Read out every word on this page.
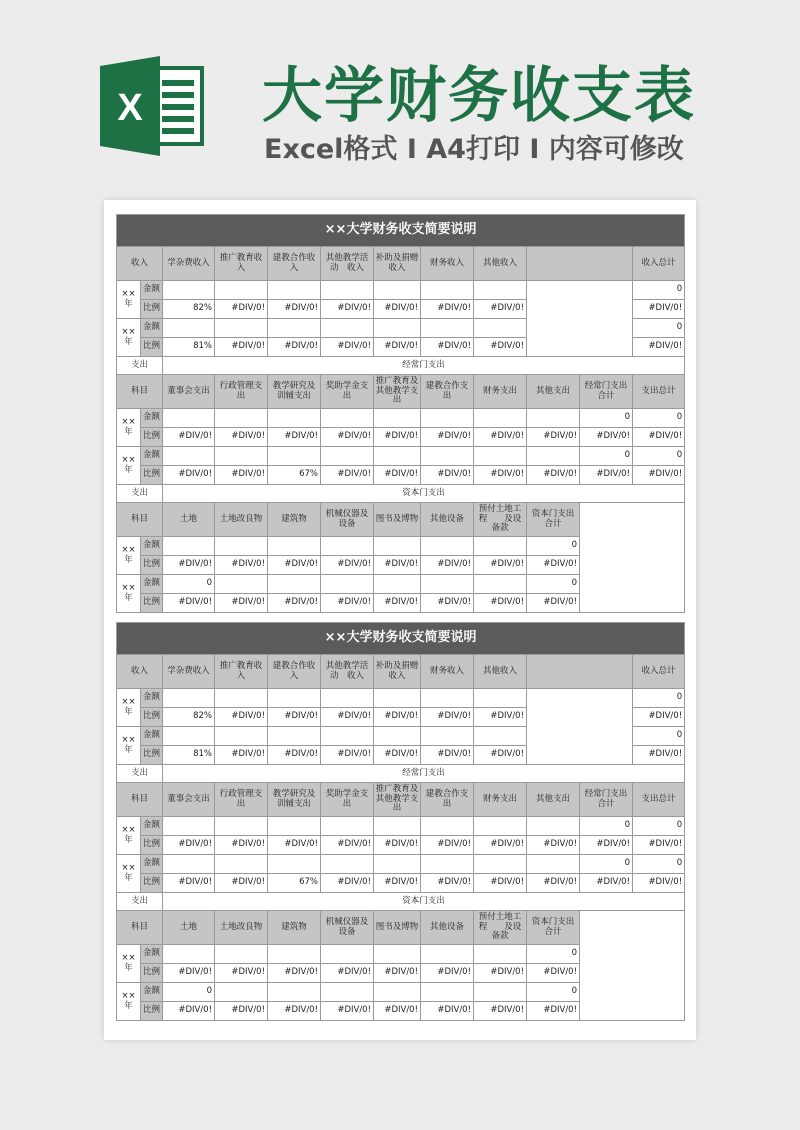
X 大学财务收支表
Excel格式 I A4打印 I 内容可修改
××大学财务收支简要说明											
收入		学杂费收入	推广教育收入	建教合作收入	其他教学活动　收入	补助及捐赠收入	财务收入	其他收入			收入总计
××年	金额										0
	比例	82%	#DIV/0!	#DIV/0!	#DIV/0!	#DIV/0!	#DIV/0!	#DIV/0!			#DIV/0!
××年	金额										0
	比例	81%	#DIV/0!	#DIV/0!	#DIV/0!	#DIV/0!	#DIV/0!	#DIV/0!			#DIV/0!
支出		经常门支出									
科目		董事会支出	行政管理支出	教学研究及训辅支出	奖助学金支出	推广教育及其他教学支出	建教合作支出	财务支出	其他支出	经常门支出合计	支出总计
××年	金额									0	0
	比例	#DIV/0!	#DIV/0!	#DIV/0!	#DIV/0!	#DIV/0!	#DIV/0!	#DIV/0!	#DIV/0!	#DIV/0!	#DIV/0!
××年	金额									0	0
	比例	#DIV/0!	#DIV/0!	67%	#DIV/0!	#DIV/0!	#DIV/0!	#DIV/0!	#DIV/0!	#DIV/0!	#DIV/0!
支出		资本门支出									
科目		土地	土地改良物	建筑物	机械仪器及设备	图书及博物	其他设备	预付土地工程　　及设备款	资本门支出合计		
××年	金额								0		
	比例	#DIV/0!	#DIV/0!	#DIV/0!	#DIV/0!	#DIV/0!	#DIV/0!	#DIV/0!	#DIV/0!		
××年	金额	0							0		
	比例	#DIV/0!	#DIV/0!	#DIV/0!	#DIV/0!	#DIV/0!	#DIV/0!	#DIV/0!	#DIV/0!		
××大学财务收支简要说明											
收入		学杂费收入	推广教育收入	建教合作收入	其他教学活动　收入	补助及捐赠收入	财务收入	其他收入			收入总计
××年	金额										0
	比例	82%	#DIV/0!	#DIV/0!	#DIV/0!	#DIV/0!	#DIV/0!	#DIV/0!			#DIV/0!
××年	金额										0
	比例	81%	#DIV/0!	#DIV/0!	#DIV/0!	#DIV/0!	#DIV/0!	#DIV/0!			#DIV/0!
支出		经常门支出									
科目		董事会支出	行政管理支出	教学研究及训辅支出	奖助学金支出	推广教育及其他教学支出	建教合作支出	财务支出	其他支出	经常门支出合计	支出总计
××年	金额									0	0
	比例	#DIV/0!	#DIV/0!	#DIV/0!	#DIV/0!	#DIV/0!	#DIV/0!	#DIV/0!	#DIV/0!	#DIV/0!	#DIV/0!
××年	金额									0	0
	比例	#DIV/0!	#DIV/0!	67%	#DIV/0!	#DIV/0!	#DIV/0!	#DIV/0!	#DIV/0!	#DIV/0!	#DIV/0!
支出		资本门支出									
科目		土地	土地改良物	建筑物	机械仪器及设备	图书及博物	其他设备	预付土地工程　　及设备款	资本门支出合计		
××年	金额								0		
	比例	#DIV/0!	#DIV/0!	#DIV/0!	#DIV/0!	#DIV/0!	#DIV/0!	#DIV/0!	#DIV/0!		
××年	金额	0							0		
	比例	#DIV/0!	#DIV/0!	#DIV/0!	#DIV/0!	#DIV/0!	#DIV/0!	#DIV/0!	#DIV/0!		
